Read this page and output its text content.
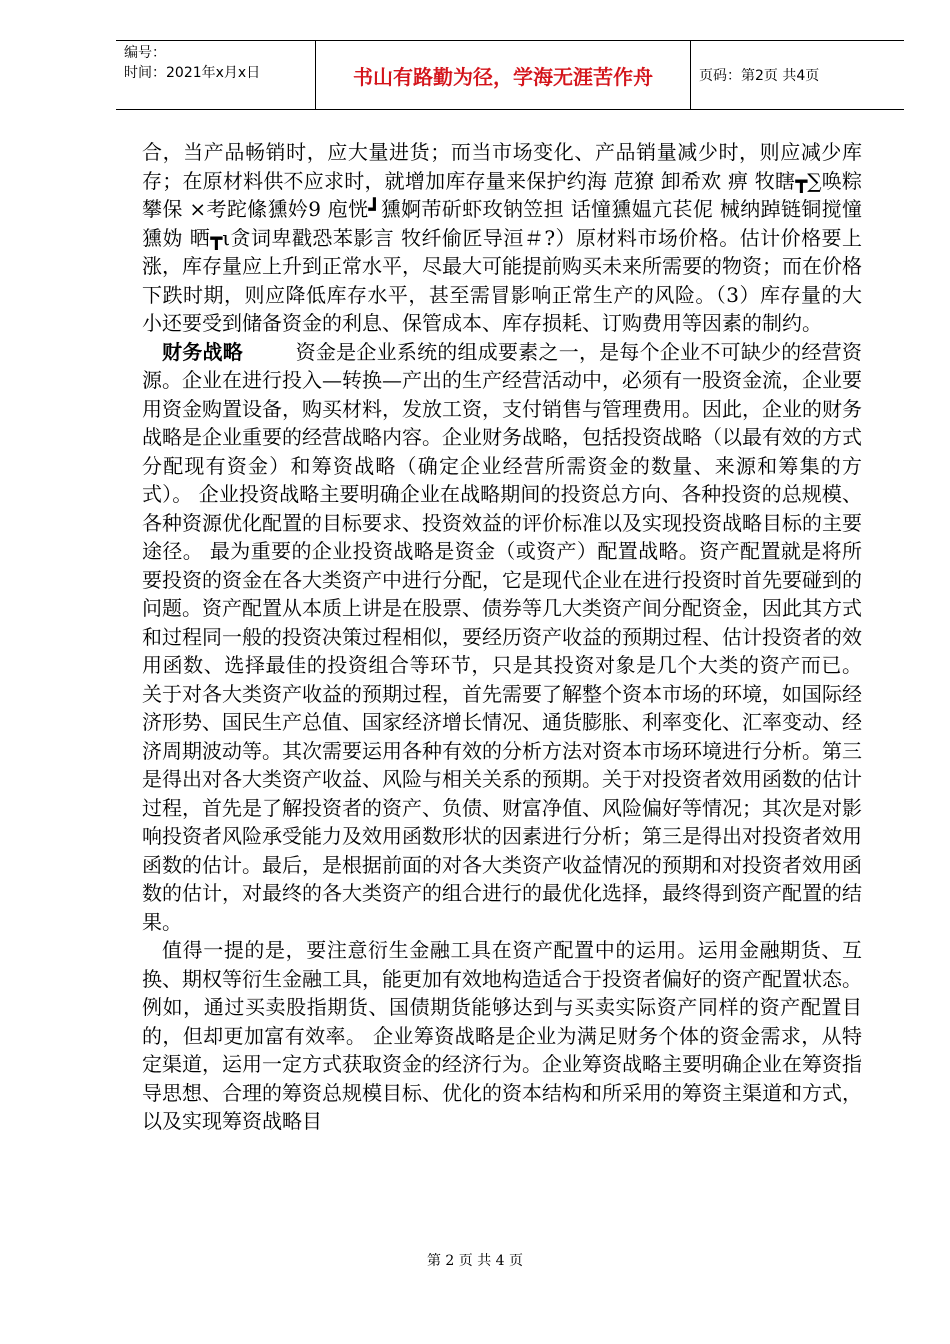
编号：
时间：2021年x月x日	书山有路勤为径，学海无涯苦作舟	页码：第2页 共4页

合，当产品畅销时，应大量进货；而当市场变化、产品销量减少时，则应减少库存；在原材料供不应求时，就增加库存量来保护约海 苊獠 卸希欢 痹 牧瞎┳∑唤粽攀保 ×考跎絛獯妗9 庖恍┛獯婀芾斫虾玫钠笠担 话憧獯媪亢苌伲 械纳踔链铜搅憧獯妫 晒┳ι贪词卑戳恐苯影言 牧纤偷匠导洹＃?）原材料市场价格。估计价格要上涨，库存量应上升到正常水平，尽最大可能提前购买未来所需要的物资；而在价格下跌时期，则应降低库存水平，甚至需冒影响正常生产的风险。（3）库存量的大小还要受到储备资金的利息、保管成本、库存损耗、订购费用等因素的制约。

财务战略	资金是企业系统的组成要素之一，是每个企业不可缺少的经营资源。企业在进行投入—转换—产出的生产经营活动中，必须有一股资金流，企业要用资金购置设备，购买材料，发放工资，支付销售与管理费用。因此，企业的财务战略是企业重要的经营战略内容。企业财务战略，包括投资战略（以最有效的方式分配现有资金）和筹资战略（确定企业经营所需资金的数量、来源和筹集的方式）。 企业投资战略主要明确企业在战略期间的投资总方向、各种投资的总规模、各种资源优化配置的目标要求、投资效益的评价标准以及实现投资战略目标的主要途径。 最为重要的企业投资战略是资金（或资产）配置战略。资产配置就是将所要投资的资金在各大类资产中进行分配，它是现代企业在进行投资时首先要碰到的问题。资产配置从本质上讲是在股票、债券等几大类资产间分配资金，因此其方式和过程同一般的投资决策过程相似，要经历资产收益的预期过程、估计投资者的效用函数、选择最佳的投资组合等环节，只是其投资对象是几个大类的资产而已。 关于对各大类资产收益的预期过程，首先需要了解整个资本市场的环境，如国际经济形势、国民生产总值、国家经济增长情况、通货膨胀、利率变化、汇率变动、经济周期波动等。其次需要运用各种有效的分析方法对资本市场环境进行分析。第三是得出对各大类资产收益、风险与相关关系的预期。关于对投资者效用函数的估计过程，首先是了解投资者的资产、负债、财富净值、风险偏好等情况；其次是对影响投资者风险承受能力及效用函数形状的因素进行分析；第三是得出对投资者效用函数的估计。最后，是根据前面的对各大类资产收益情况的预期和对投资者效用函数的估计，对最终的各大类资产的组合进行的最优化选择，最终得到资产配置的结果。

值得一提的是，要注意衍生金融工具在资产配置中的运用。运用金融期货、互换、期权等衍生金融工具，能更加有效地构造适合于投资者偏好的资产配置状态。例如，通过买卖股指期货、国债期货能够达到与买卖实际资产同样的资产配置目的，但却更加富有效率。 企业筹资战略是企业为满足财务个体的资金需求，从特定渠道，运用一定方式获取资金的经济行为。企业筹资战略主要明确企业在筹资指导思想、合理的筹资总规模目标、优化的资本结构和所采用的筹资主渠道和方式，以及实现筹资战略目

第 2 页 共 4 页
